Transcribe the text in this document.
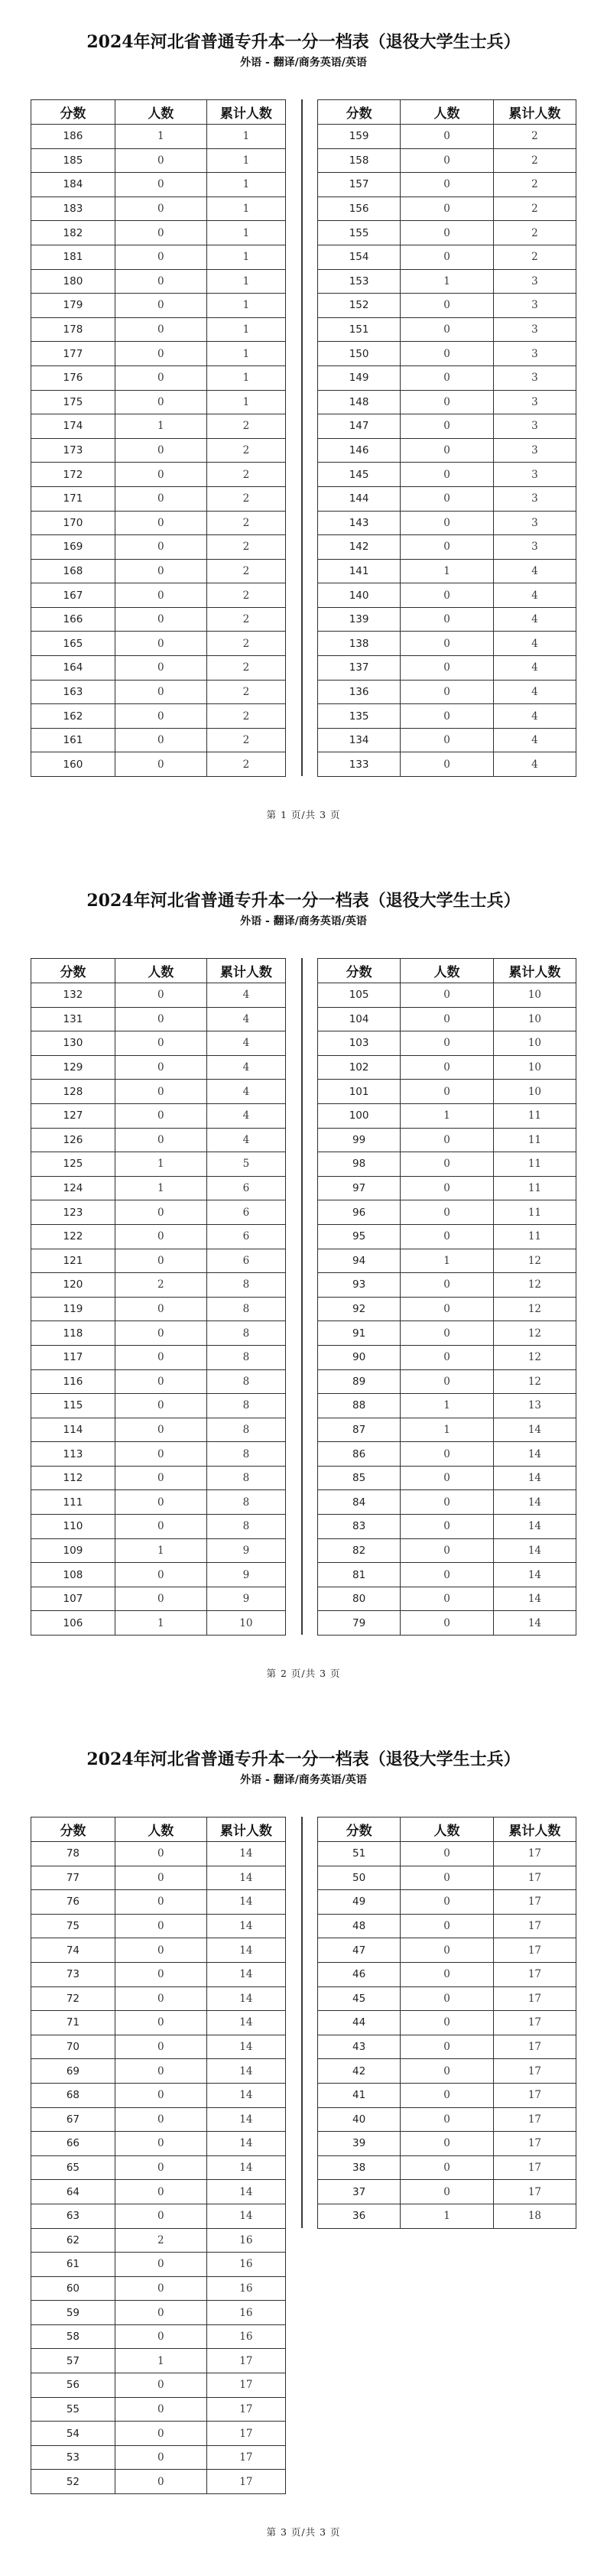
2024年河北省普通专升本一分一档表（退役大学生士兵）
外语 - 翻译/商务英语/英语
分数	人数	累计人数
186	1	1
185	0	1
184	0	1
183	0	1
182	0	1
181	0	1
180	0	1
179	0	1
178	0	1
177	0	1
176	0	1
175	0	1
174	1	2
173	0	2
172	0	2
171	0	2
170	0	2
169	0	2
168	0	2
167	0	2
166	0	2
165	0	2
164	0	2
163	0	2
162	0	2
161	0	2
160	0	2
分数	人数	累计人数
159	0	2
158	0	2
157	0	2
156	0	2
155	0	2
154	0	2
153	1	3
152	0	3
151	0	3
150	0	3
149	0	3
148	0	3
147	0	3
146	0	3
145	0	3
144	0	3
143	0	3
142	0	3
141	1	4
140	0	4
139	0	4
138	0	4
137	0	4
136	0	4
135	0	4
134	0	4
133	0	4
第 1 页/共 3 页
2024年河北省普通专升本一分一档表（退役大学生士兵）
外语 - 翻译/商务英语/英语
分数	人数	累计人数
132	0	4
131	0	4
130	0	4
129	0	4
128	0	4
127	0	4
126	0	4
125	1	5
124	1	6
123	0	6
122	0	6
121	0	6
120	2	8
119	0	8
118	0	8
117	0	8
116	0	8
115	0	8
114	0	8
113	0	8
112	0	8
111	0	8
110	0	8
109	1	9
108	0	9
107	0	9
106	1	10
分数	人数	累计人数
105	0	10
104	0	10
103	0	10
102	0	10
101	0	10
100	1	11
99	0	11
98	0	11
97	0	11
96	0	11
95	0	11
94	1	12
93	0	12
92	0	12
91	0	12
90	0	12
89	0	12
88	1	13
87	1	14
86	0	14
85	0	14
84	0	14
83	0	14
82	0	14
81	0	14
80	0	14
79	0	14
第 2 页/共 3 页
2024年河北省普通专升本一分一档表（退役大学生士兵）
外语 - 翻译/商务英语/英语
分数	人数	累计人数
78	0	14
77	0	14
76	0	14
75	0	14
74	0	14
73	0	14
72	0	14
71	0	14
70	0	14
69	0	14
68	0	14
67	0	14
66	0	14
65	0	14
64	0	14
63	0	14
62	2	16
61	0	16
60	0	16
59	0	16
58	0	16
57	1	17
56	0	17
55	0	17
54	0	17
53	0	17
52	0	17
分数	人数	累计人数
51	0	17
50	0	17
49	0	17
48	0	17
47	0	17
46	0	17
45	0	17
44	0	17
43	0	17
42	0	17
41	0	17
40	0	17
39	0	17
38	0	17
37	0	17
36	1	18
第 3 页/共 3 页
